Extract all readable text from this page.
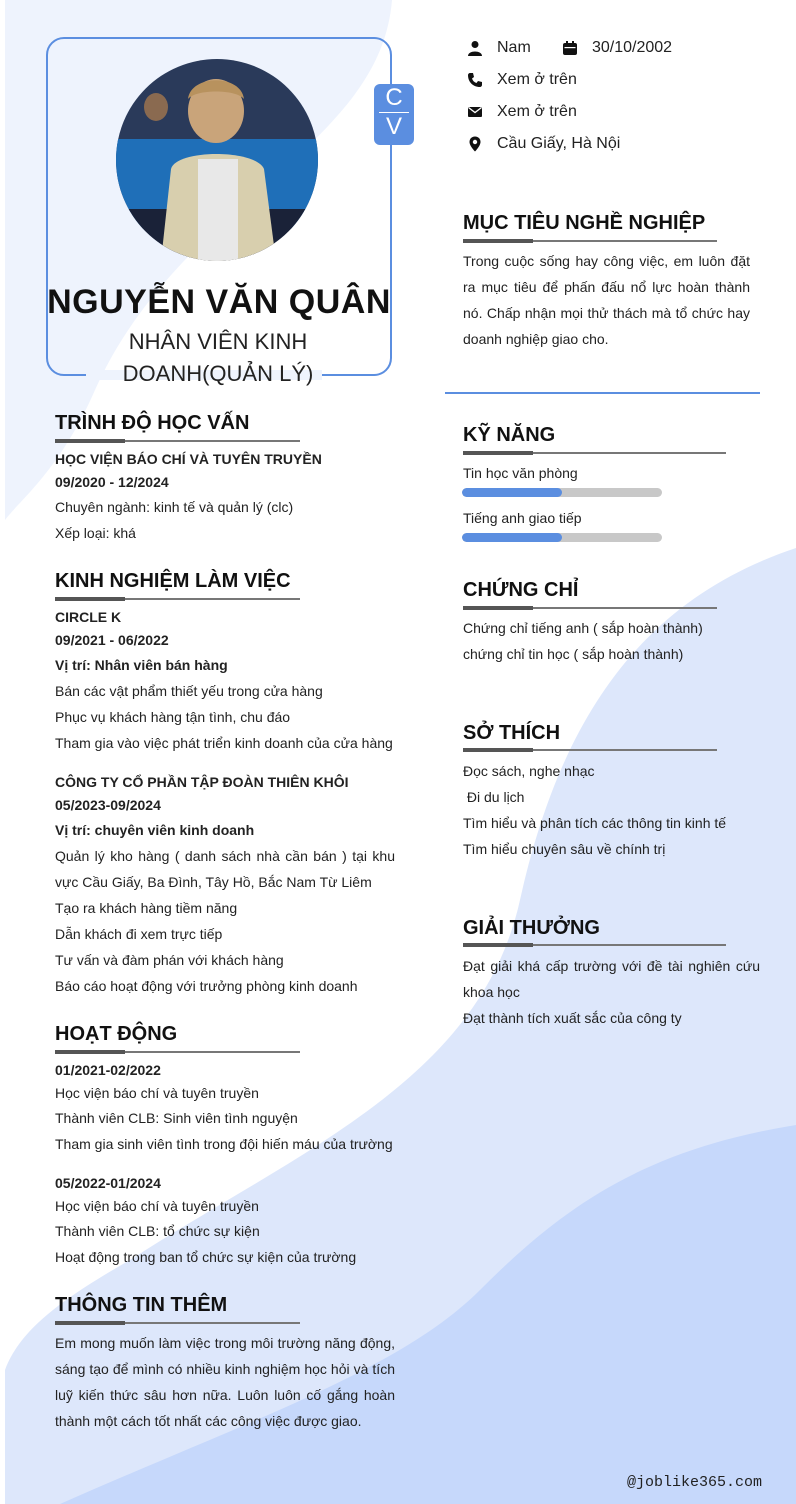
C
V
NGUYỄN VĂN QUÂN
NHÂN VIÊN KINH DOANH(QUẢN LÝ)
Nam	30/10/2002
Xem ở trên
Xem ở trên
Cầu Giấy, Hà Nội
MỤC TIÊU NGHỀ NGHIỆP
Trong cuộc sống hay công việc, em luôn đặt ra mục tiêu để phấn đấu nổ lực hoàn thành nó. Chấp nhận mọi thử thách mà tổ chức hay doanh nghiệp giao cho.
TRÌNH ĐỘ HỌC VẤN
HỌC VIỆN BÁO CHÍ VÀ TUYÊN TRUYỀN
09/2020 - 12/2024
Chuyên ngành: kinh tế và quản lý (clc)
Xếp loại: khá
KINH NGHIỆM LÀM VIỆC
CIRCLE K
09/2021 - 06/2022
Vị trí: Nhân viên bán hàng
Bán các vật phẩm thiết yếu trong cửa hàng
Phục vụ khách hàng tận tình, chu đáo
Tham gia vào việc phát triển kinh doanh của cửa hàng
CÔNG TY CỔ PHẦN TẬP ĐOÀN THIÊN KHÔI
05/2023-09/2024
Vị trí: chuyên viên kinh doanh
Quản lý kho hàng ( danh sách nhà cần bán ) tại khu vực Cầu Giấy, Ba Đình, Tây Hồ, Bắc Nam Từ Liêm
Tạo ra khách hàng tiềm năng
Dẫn khách đi xem trực tiếp
Tư vấn và đàm phán với khách hàng
Báo cáo hoạt động với trưởng phòng kinh doanh
HOẠT ĐỘNG
01/2021-02/2022
Học viện báo chí và tuyên truyền
Thành viên CLB: Sinh viên tình nguyện
Tham gia sinh viên tình trong đội hiến máu của trường
05/2022-01/2024
Học viện báo chí và tuyên truyền
Thành viên CLB: tổ chức sự kiện
Hoạt động trong ban tổ chức sự kiện của trường
THÔNG TIN THÊM
Em mong muốn làm việc trong môi trường năng động, sáng tạo để mình có nhiều kinh nghiệm học hỏi và tích luỹ kiến thức sâu hơn nữa. Luôn luôn cố gắng hoàn thành một cách tốt nhất các công việc được giao.
KỸ NĂNG
Tin học văn phòng
Tiếng anh giao tiếp
CHỨNG CHỈ
Chứng chỉ tiếng anh ( sắp hoàn thành)
chứng chỉ tin học ( sắp hoàn thành)
SỞ THÍCH
Đọc sách, nghe nhạc
Đi du lịch
Tìm hiểu và phân tích các thông tin kinh tế
Tìm hiểu chuyên sâu về chính trị
GIẢI THƯỞNG
Đạt giải khá cấp trường với đề tài nghiên cứu khoa học
Đạt thành tích xuất sắc của công ty
@joblike365.com
